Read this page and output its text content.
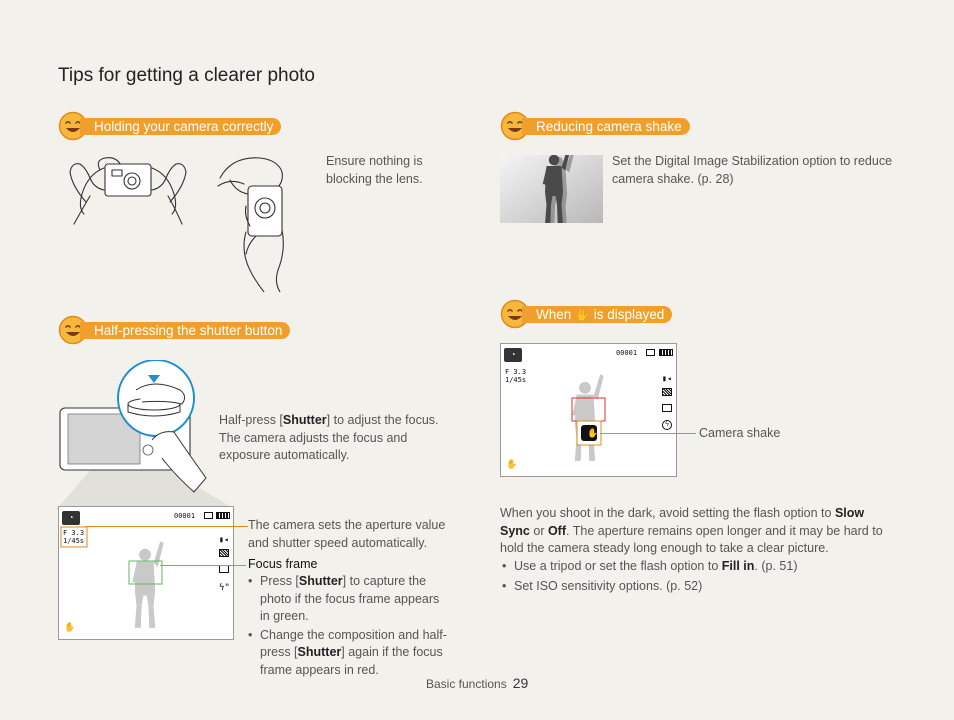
Tips for getting a clearer photo
Holding your camera correctly
Ensure nothing is blocking the lens.
Half-pressing the shutter button
Half-press [Shutter] to adjust the focus. The camera adjusts the focus and exposure automatically.
◔
F 3.3
1/45s
00001
▮◂
ϟ"
✋
The camera sets the aperture value and shutter speed automatically.
Focus frame
• Press [Shutter] to capture the photo if the focus frame appears in green.
• Change the composition and half-press [Shutter] again if the focus frame appears in red.
Reducing camera shake
Set the Digital Image Stabilization option to reduce camera shake. (p. 28)
When ✋ is displayed
✋
◔
F 3.3
1/45s
00001
▮◂
ϟ
✋
Camera shake
When you shoot in the dark, avoid setting the flash option to Slow Sync or Off. The aperture remains open longer and it may be hard to hold the camera steady long enough to take a clear picture.
• Use a tripod or set the flash option to Fill in. (p. 51)
• Set ISO sensitivity options. (p. 52)
Basic functions 29
